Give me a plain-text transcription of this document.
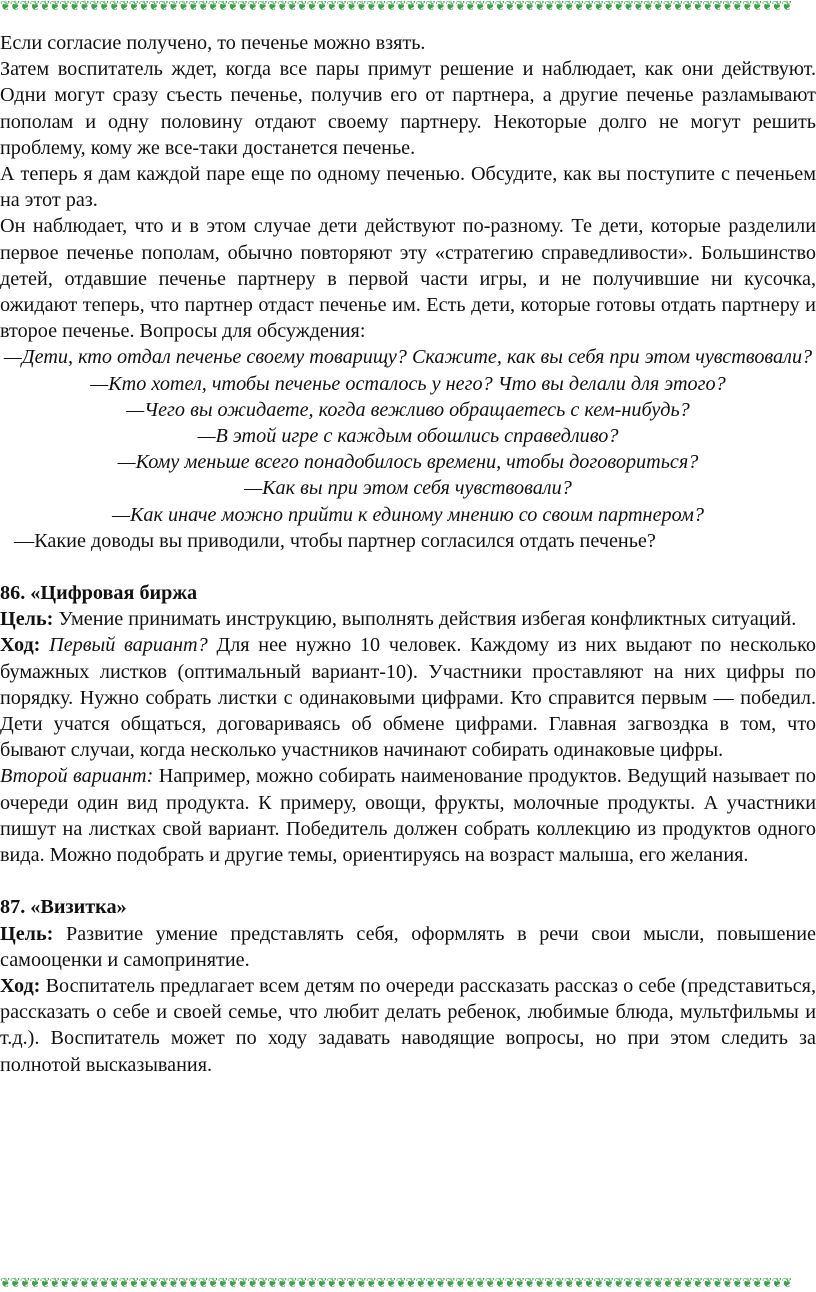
❦❦❦❦❦❦❦❦❦❦❦❦❦❦❦❦❦❦❦❦❦❦❦❦❦❦❦❦❦❦❦❦❦❦❦❦❦❦❦❦❦❦❦❦❦❦❦❦❦❦❦❦❦❦❦❦❦❦❦❦❦❦❦❦❦❦❦❦❦❦❦❦❦❦❦❦❦❦❦❦

Если согласие получено, то печенье можно взять.

Затем воспитатель ждет, когда все пары примут решение и наблюдает, как они действуют. Одни могут сразу съесть печенье, получив его от партнера, а другие печенье разламывают пополам и одну половину отдают своему партнеру. Некоторые долго не могут решить проблему, кому же все-таки достанется печенье.

А теперь я дам каждой паре еще по одному печенью. Обсудите, как вы поступите с печеньем на этот раз.

Он наблюдает, что и в этом случае дети действуют по-разному. Те дети, которые разделили первое печенье пополам, обычно повторяют эту «стратегию справедливости». Большинство детей, отдавшие печенье партнеру в первой части игры, и не получившие ни кусочка, ожидают теперь, что партнер отдаст печенье им. Есть дети, которые готовы отдать партнеру и второе печенье. Вопросы для обсуждения:

—Дети, кто отдал печенье своему товарищу? Скажите, как вы себя при этом чувствовали?

—Кто хотел, чтобы печенье осталось у него? Что вы делали для этого?

—Чего вы ожидаете, когда вежливо обращаетесь с кем-нибудь?

—В этой игре с каждым обошлись справедливо?

—Кому меньше всего понадобилось времени, чтобы договориться?

—Как вы при этом себя чувствовали?

—Как иначе можно прийти к единому мнению со своим партнером?

—Какие доводы вы приводили, чтобы партнер согласился отдать печенье?

86. «Цифровая биржа

Цель: Умение принимать инструкцию, выполнять действия избегая конфликтных ситуаций.

Ход: Первый вариант? Для нее нужно 10 человек. Каждому из них выдают по несколько бумажных листков (оптимальный вариант-10). Участники проставляют на них цифры по порядку. Нужно собрать листки с одинаковыми цифрами. Кто справится первым — победил. Дети учатся общаться, договариваясь об обмене цифрами. Главная загвоздка в том, что бывают случаи, когда несколько участников начинают собирать одинаковые цифры.

Второй вариант: Например, можно собирать наименование продуктов. Ведущий называет по очереди один вид продукта. К примеру, овощи, фрукты, молочные продукты. А участники пишут на листках свой вариант. Победитель должен собрать коллекцию из продуктов одного вида. Можно подобрать и другие темы, ориентируясь на возраст малыша, его желания.

87. «Визитка»

Цель: Развитие умение представлять себя, оформлять в речи свои мысли, повышение самооценки и самопринятие.

Ход: Воспитатель предлагает всем детям по очереди рассказать рассказ о себе (представиться, рассказать о себе и своей семье, что любит делать ребенок, любимые блюда, мультфильмы и т.д.). Воспитатель может по ходу задавать наводящие вопросы, но при этом следить за полнотой высказывания.

❦❦❦❦❦❦❦❦❦❦❦❦❦❦❦❦❦❦❦❦❦❦❦❦❦❦❦❦❦❦❦❦❦❦❦❦❦❦❦❦❦❦❦❦❦❦❦❦❦❦❦❦❦❦❦❦❦❦❦❦❦❦❦❦❦❦❦❦❦❦❦❦❦❦❦❦❦❦❦❦
